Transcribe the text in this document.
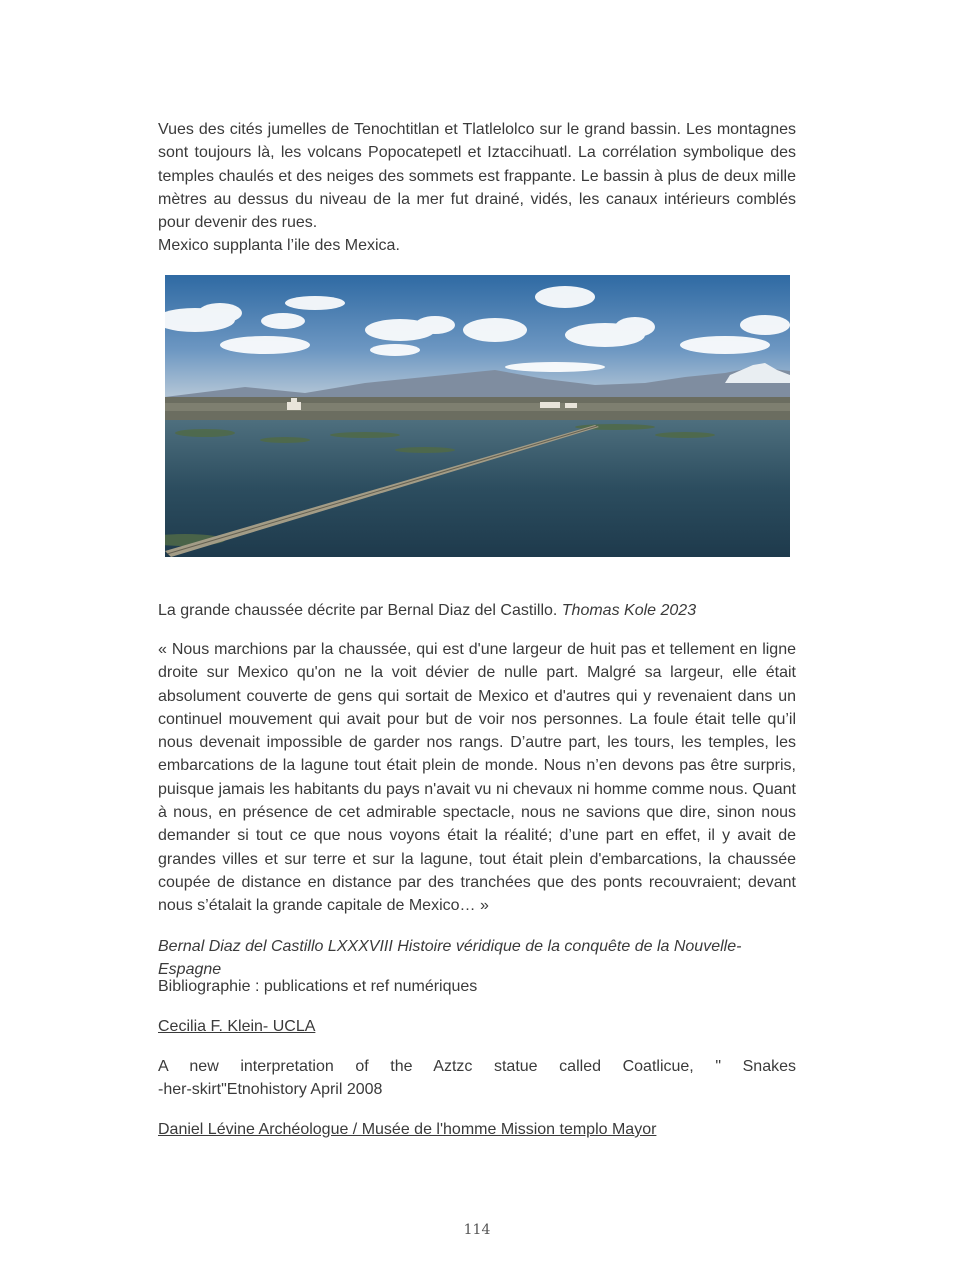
Vues des cités jumelles de Tenochtitlan et Tlatlelolco sur le grand bassin. Les montagnes sont toujours là, les volcans Popocatepetl et Iztaccihuatl. La corrélation symbolique des temples chaulés et des neiges des sommets est frappante. Le bassin à plus de deux mille mètres au dessus du niveau de la mer fut drainé, vidés, les canaux intérieurs comblés pour devenir des rues.
Mexico supplanta l’ile des Mexica.
La grande chaussée décrite par Bernal Diaz del Castillo. Thomas Kole 2023
« Nous marchions par la chaussée, qui est d'une largeur de huit pas et tellement en ligne droite sur Mexico qu'on ne la voit dévier de nulle part. Malgré sa largeur, elle était absolument couverte de gens qui sortait de Mexico et d'autres qui y revenaient dans un continuel mouvement qui avait pour but de voir nos personnes. La foule était telle qu’il nous devenait impossible de garder nos rangs. D’autre part, les tours, les temples, les embarcations de la lagune tout était plein de monde. Nous n’en devons pas être surpris, puisque jamais les habitants du pays n'avait vu ni chevaux ni homme comme nous. Quant à nous, en présence de cet admirable spectacle, nous ne savions que dire, sinon nous demander si tout ce que nous voyons était la réalité; d’une part en effet, il y avait de grandes villes et sur terre et sur la lagune, tout était plein d'embarcations, la chaussée coupée de distance en distance par des tranchées que des ponts recouvraient; devant nous s’étalait la grande capitale de Mexico… »
Bernal Diaz del Castillo LXXXVIII Histoire véridique de la conquête de la Nouvelle-Espagne
Bibliographie : publications et ref numériques
Cecilia F. Klein- UCLA
A new interpretation of the Aztzc statue called Coatlicue, " Snakes
-her-skirt"Etnohistory April 2008
Daniel Lévine Archéologue / Musée de l'homme Mission templo Mayor
114
